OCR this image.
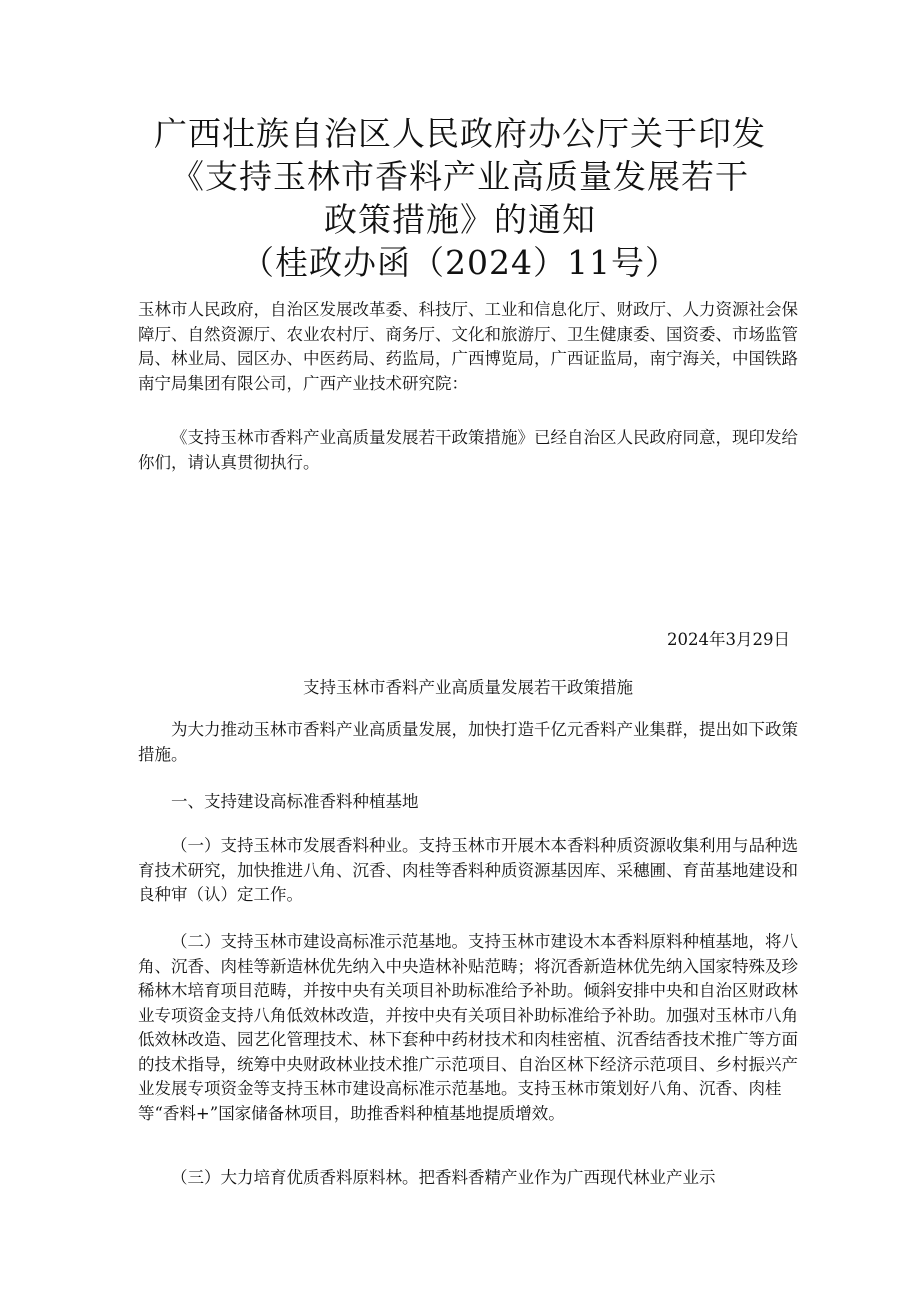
广西壮族自治区人民政府办公厅关于印发
《支持玉林市香料产业高质量发展若干
政策措施》的通知
（桂政办函（2024）11号）

玉林市人民政府，自治区发展改革委、科技厅、工业和信息化厅、财政厅、人力资源社会保障厅、自然资源厅、农业农村厅、商务厅、文化和旅游厅、卫生健康委、国资委、市场监管局、林业局、园区办、中医药局、药监局，广西博览局，广西证监局，南宁海关，中国铁路南宁局集团有限公司，广西产业技术研究院：

《支持玉林市香料产业高质量发展若干政策措施》已经自治区人民政府同意，现印发给你们，请认真贯彻执行。

2024年3月29日

支持玉林市香料产业高质量发展若干政策措施

为大力推动玉林市香料产业高质量发展，加快打造千亿元香料产业集群，提出如下政策措施。

一、支持建设高标准香料种植基地

（一）支持玉林市发展香料种业。支持玉林市开展木本香料种质资源收集利用与品种选育技术研究，加快推进八角、沉香、肉桂等香料种质资源基因库、采穗圃、育苗基地建设和良种审（认）定工作。

（二）支持玉林市建设高标准示范基地。支持玉林市建设木本香料原料种植基地，将八角、沉香、肉桂等新造林优先纳入中央造林补贴范畴；将沉香新造林优先纳入国家特殊及珍稀林木培育项目范畴，并按中央有关项目补助标准给予补助。倾斜安排中央和自治区财政林业专项资金支持八角低效林改造，并按中央有关项目补助标准给予补助。加强对玉林市八角低效林改造、园艺化管理技术、林下套种中药材技术和肉桂密植、沉香结香技术推广等方面的技术指导，统筹中央财政林业技术推广示范项目、自治区林下经济示范项目、乡村振兴产业发展专项资金等支持玉林市建设高标准示范基地。支持玉林市策划好八角、沉香、肉桂等“香料+”国家储备林项目，助推香料种植基地提质增效。

（三）大力培育优质香料原料林。把香料香精产业作为广西现代林业产业示
